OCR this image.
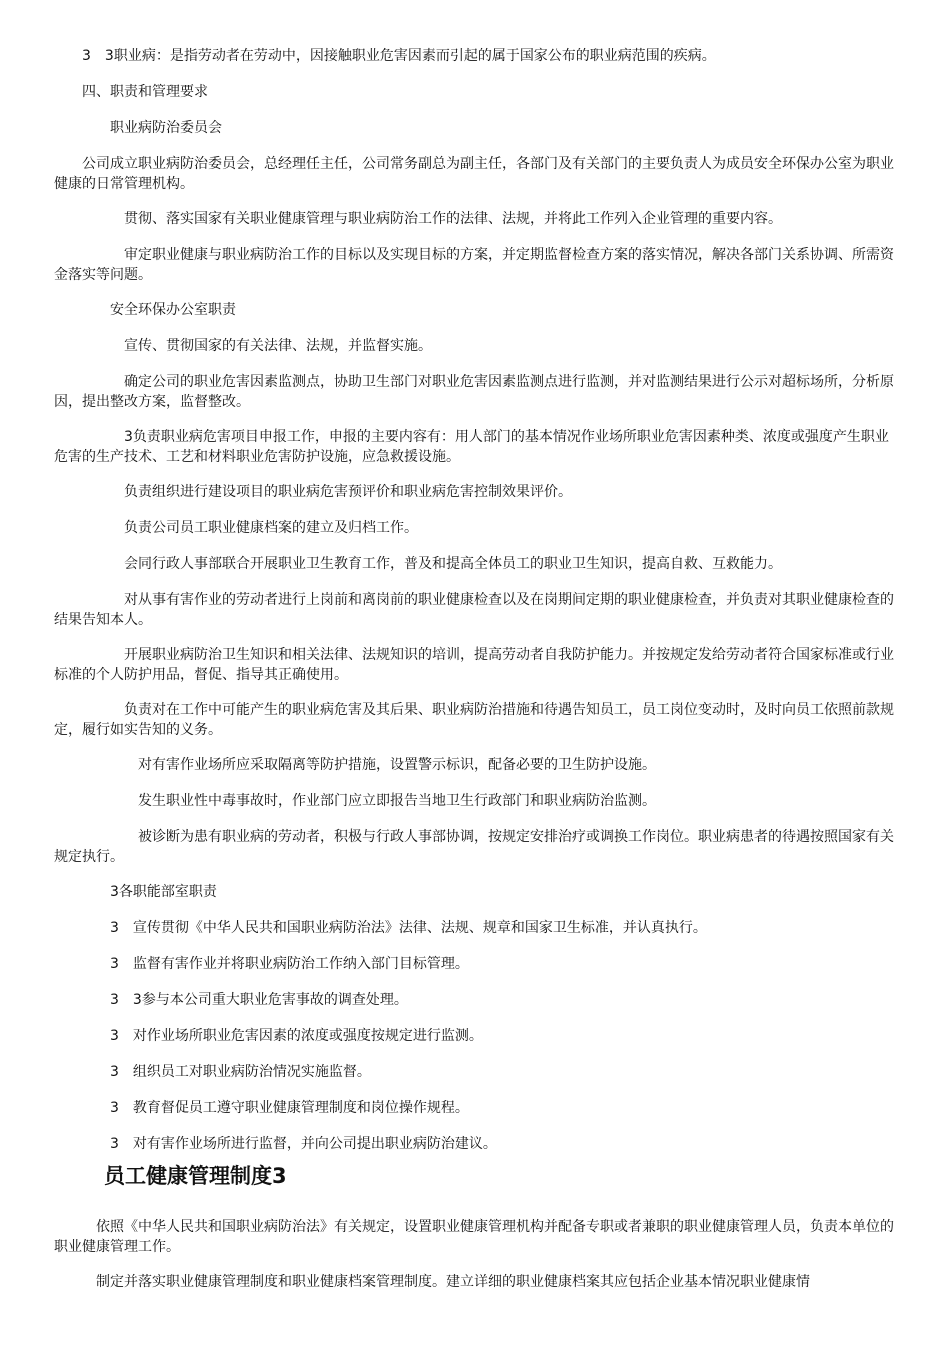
　　3　3职业病：是指劳动者在劳动中，因接触职业危害因素而引起的属于国家公布的职业病范围的疾病。

　　四、职责和管理要求

　　　　职业病防治委员会

　　公司成立职业病防治委员会，总经理任主任，公司常务副总为副主任，各部门及有关部门的主要负责人为成员安全环保办公室为职业健康的日常管理机构。

　　　　　贯彻、落实国家有关职业健康管理与职业病防治工作的法律、法规，并将此工作列入企业管理的重要内容。

　　　　　审定职业健康与职业病防治工作的目标以及实现目标的方案，并定期监督检查方案的落实情况，解决各部门关系协调、所需资金落实等问题。

　　　　安全环保办公室职责

　　　　　宣传、贯彻国家的有关法律、法规，并监督实施。

　　　　　确定公司的职业危害因素监测点，协助卫生部门对职业危害因素监测点进行监测，并对监测结果进行公示对超标场所，分析原因，提出整改方案，监督整改。

　　　　　3负责职业病危害项目申报工作，申报的主要内容有：用人部门的基本情况作业场所职业危害因素种类、浓度或强度产生职业危害的生产技术、工艺和材料职业危害防护设施，应急救援设施。

　　　　　负责组织进行建设项目的职业病危害预评价和职业病危害控制效果评价。

　　　　　负责公司员工职业健康档案的建立及归档工作。

　　　　　会同行政人事部联合开展职业卫生教育工作，普及和提高全体员工的职业卫生知识，提高自救、互救能力。

　　　　　对从事有害作业的劳动者进行上岗前和离岗前的职业健康检查以及在岗期间定期的职业健康检查，并负责对其职业健康检查的结果告知本人。

　　　　　开展职业病防治卫生知识和相关法律、法规知识的培训，提高劳动者自我防护能力。并按规定发给劳动者符合国家标准或行业标准的个人防护用品，督促、指导其正确使用。

　　　　　负责对在工作中可能产生的职业病危害及其后果、职业病防治措施和待遇告知员工，员工岗位变动时，及时向员工依照前款规定，履行如实告知的义务。

　　　　　　对有害作业场所应采取隔离等防护措施，设置警示标识，配备必要的卫生防护设施。

　　　　　　发生职业性中毒事故时，作业部门应立即报告当地卫生行政部门和职业病防治监测。

　　　　　　被诊断为患有职业病的劳动者，积极与行政人事部协调，按规定安排治疗或调换工作岗位。职业病患者的待遇按照国家有关规定执行。

　　　　3各职能部室职责

　　　　3　宣传贯彻《中华人民共和国职业病防治法》法律、法规、规章和国家卫生标准，并认真执行。

　　　　3　监督有害作业并将职业病防治工作纳入部门目标管理。

　　　　3　3参与本公司重大职业危害事故的调查处理。

　　　　3　对作业场所职业危害因素的浓度或强度按规定进行监测。

　　　　3　组织员工对职业病防治情况实施监督。

　　　　3　教育督促员工遵守职业健康管理制度和岗位操作规程。

　　　　3　对有害作业场所进行监督，并向公司提出职业病防治建议。

员工健康管理制度3

　　　依照《中华人民共和国职业病防治法》有关规定，设置职业健康管理机构并配备专职或者兼职的职业健康管理人员，负责本单位的职业健康管理工作。

　　　制定并落实职业健康管理制度和职业健康档案管理制度。建立详细的职业健康档案其应包括企业基本情况职业健康情
